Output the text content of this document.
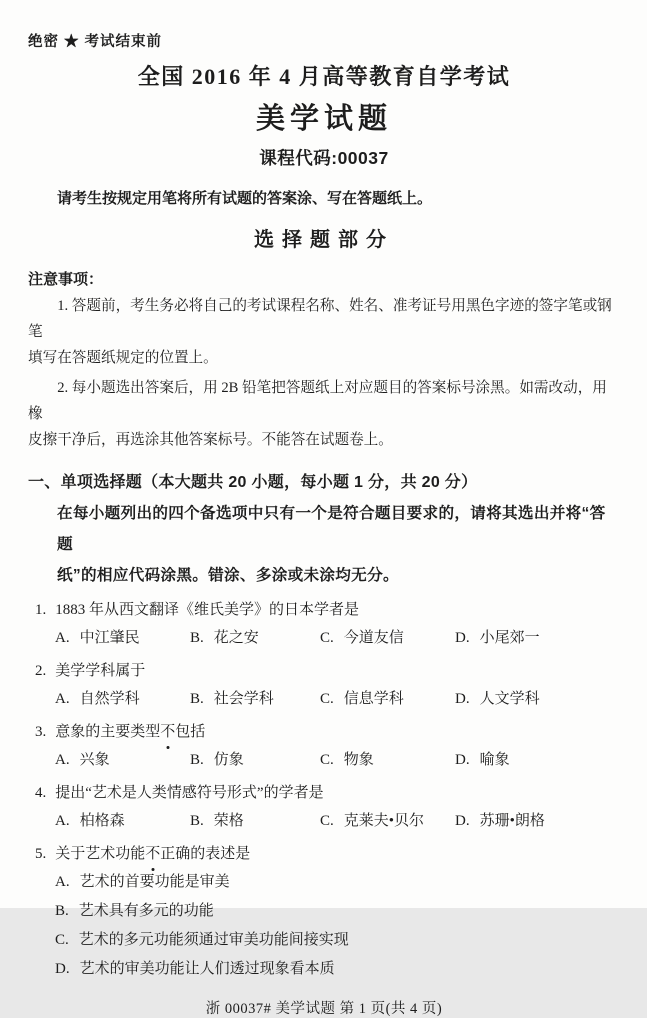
绝密 ★ 考试结束前
全国 2016 年 4 月高等教育自学考试
美学试题
课程代码:00037
请考生按规定用笔将所有试题的答案涂、写在答题纸上。
选择题部分
注意事项：
1. 答题前，考生务必将自己的考试课程名称、姓名、准考证号用黑色字迹的签字笔或钢笔
填写在答题纸规定的位置上。
2. 每小题选出答案后，用 2B 铅笔把答题纸上对应题目的答案标号涂黑。如需改动，用橡
皮擦干净后，再选涂其他答案标号。不能答在试题卷上。
一、单项选择题（本大题共 20 小题，每小题 1 分，共 20 分）
在每小题列出的四个备选项中只有一个是符合题目要求的，请将其选出并将“答题
纸”的相应代码涂黑。错涂、多涂或未涂均无分。
1. 1883 年从西文翻译《维氏美学》的日本学者是
A. 中江肇民	B. 花之安	C. 今道友信	D. 小尾郊一
2. 美学学科属于
A. 自然学科	B. 社会学科	C. 信息学科	D. 人文学科
3. 意象的主要类型不包括
A. 兴象	B. 仿象	C. 物象	D. 喻象
4. 提出“艺术是人类情感符号形式”的学者是
A. 柏格森	B. 荣格	C. 克莱夫•贝尔	D. 苏珊•朗格
5. 关于艺术功能不正确的表述是
A. 艺术的首要功能是审美
B. 艺术具有多元的功能
C. 艺术的多元功能须通过审美功能间接实现
D. 艺术的审美功能让人们透过现象看本质
浙 00037# 美学试题 第 1 页(共 4 页)
